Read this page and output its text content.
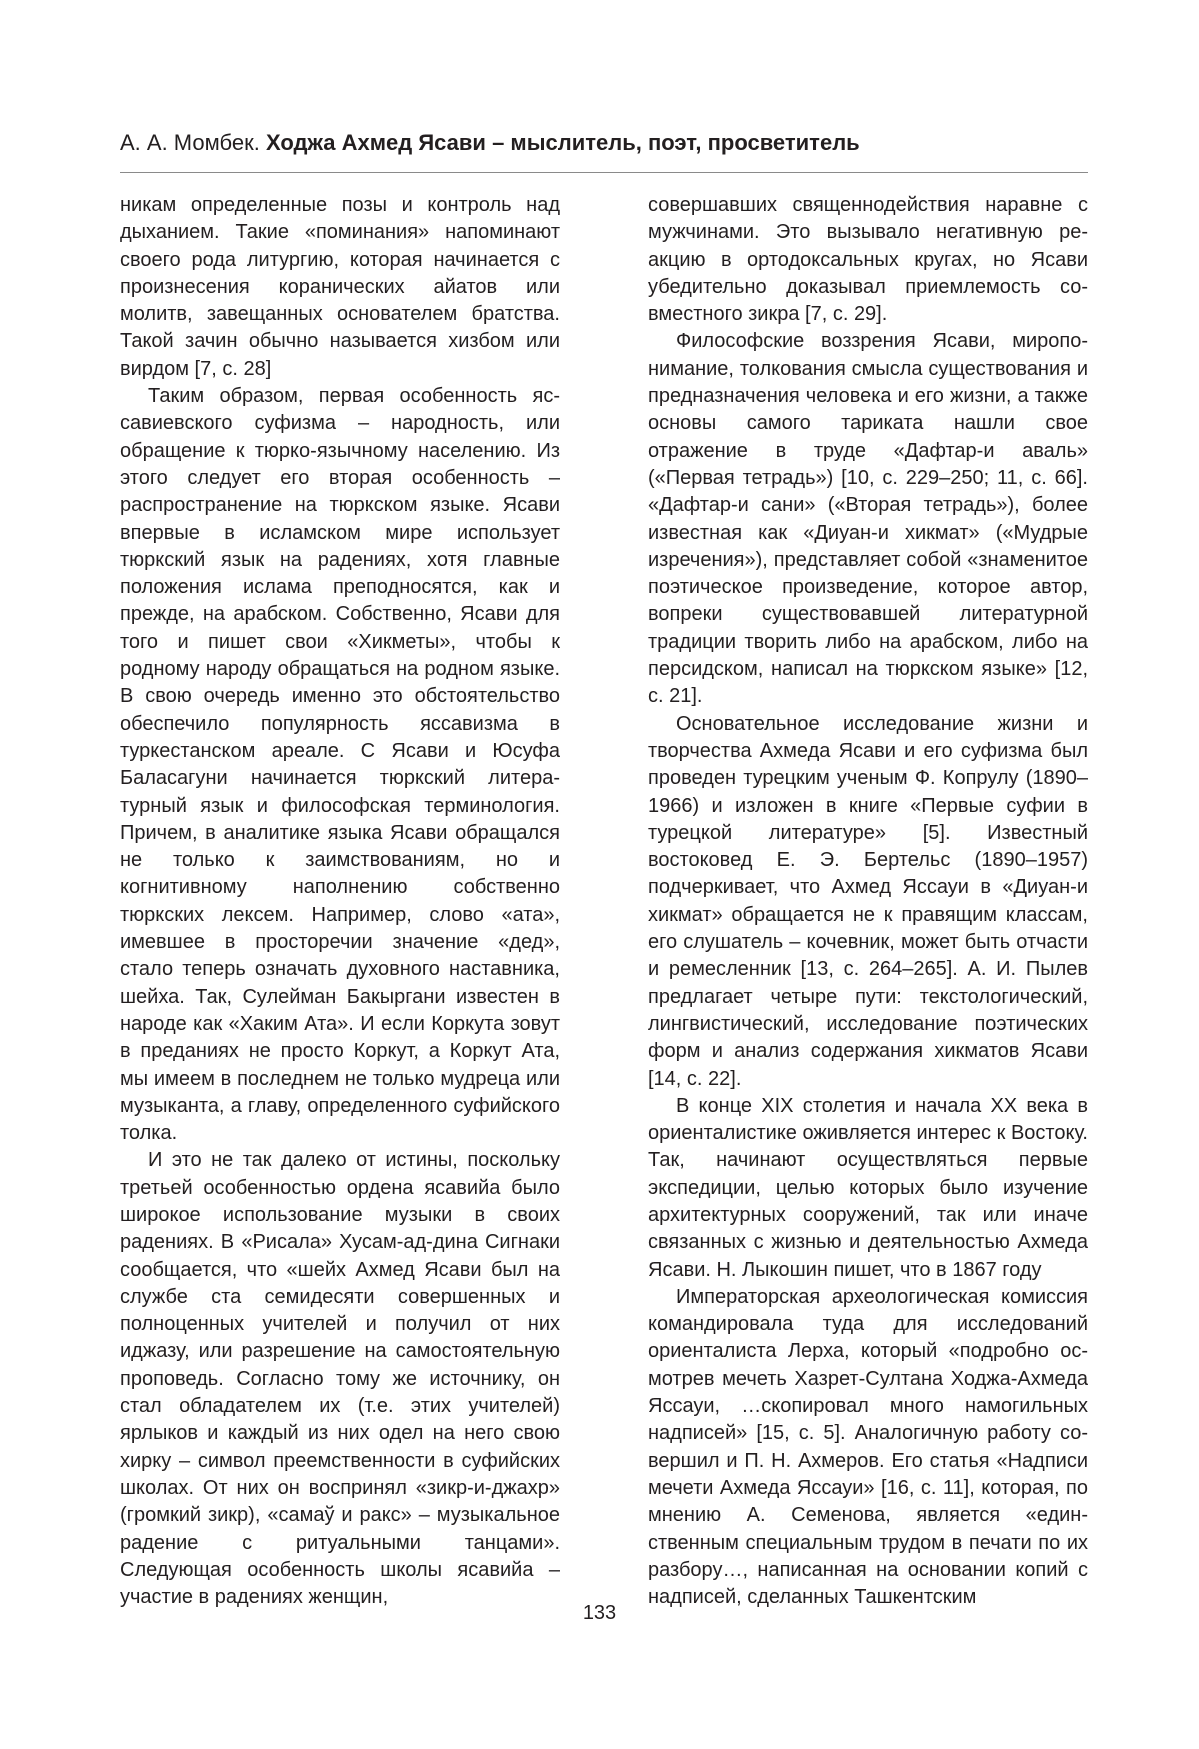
А. А. Момбек. Ходжа Ахмед Ясави – мыслитель, поэт, просветитель

никам определенные позы и контроль над дыханием. Такие «поминания» напоминают своего рода литургию, которая начинается с произнесения коранических айатов или молитв, завещанных основателем братства. Такой зачин обычно называется хизбом или вирдом [7, с. 28]

Таким образом, первая особенность яссавиевского суфизма – народность, или обращение к тюрко-язычному населению. Из этого следует его вторая особенность – распространение на тюркском языке. Ясави впервые в исламском мире использует тюркский язык на радениях, хотя главные положения ислама преподносятся, как и прежде, на арабском. Собственно, Ясави для того и пишет свои «Хикметы», чтобы к родному народу обращаться на родном языке. В свою очередь именно это обстоятельство обеспечило популярность яссавизма в туркестанском ареале. С Ясави и Юсуфа Баласагуни начинается тюркский литературный язык и философская терминология. Причем, в аналитике языка Ясави обращался не только к заимствованиям, но и когнитивному наполнению собственно тюркских лексем. Например, слово «ата», имевшее в просторечии значение «дед», стало теперь означать духовного наставника, шейха. Так, Сулейман Бакыргани известен в народе как «Хаким Ата». И если Коркута зовут в преданиях не просто Коркут, а Коркут Ата, мы имеем в последнем не только мудреца или музыканта, а главу, определенного суфийского толка.

И это не так далеко от истины, поскольку третьей особенностью ордена ясавийа было широкое использование музыки в своих радениях. В «Рисала» Хусам-ад-дина Сигнаки сообщается, что «шейх Ахмед Ясави был на службе ста семидесяти совершенных и полноценных учителей и получил от них иджазу, или разрешение на самостоятельную проповедь. Согласно тому же источнику, он стал обладателем их (т.е. этих учителей) ярлыков и каждый из них одел на него свою хирку – символ преемственности в суфийских школах. От них он воспринял «зикр-и-джахр» (громкий зикр), «самаў и ракс» – музыкальное радение с ритуальными танцами». Следующая особенность школы ясавийа – участие в радениях женщин,

совершавших священнодействия наравне с мужчинами. Это вызывало негативную реакцию в ортодоксальных кругах, но Ясави убедительно доказывал приемлемость совместного зикра [7, с. 29].

Философские воззрения Ясави, миропонимание, толкования смысла существования и предназначения человека и его жизни, а также основы самого тариката нашли свое отражение в труде «Дафтар-и аваль» («Первая тетрадь») [10, с. 229–250; 11, с. 66]. «Дафтар-и сани» («Вторая тетрадь»), более известная как «Диуан-и хикмат» («Мудрые изречения»), представляет собой «знаменитое поэтическое произведение, которое автор, вопреки существовавшей литературной традиции творить либо на арабском, либо на персидском, написал на тюркском языке» [12, с. 21].

Основательное исследование жизни и творчества Ахмеда Ясави и его суфизма был проведен турецким ученым Ф. Копрулу (1890–1966) и изложен в книге «Первые суфии в турецкой литературе» [5]. Известный востоковед Е. Э. Бертельс (1890–1957) подчеркивает, что Ахмед Яссауи в «Диуан-и хикмат» обращается не к правящим классам, его слушатель – кочевник, может быть отчасти и ремесленник [13, с. 264–265]. А. И. Пылев предлагает четыре пути: текстологический, лингвистический, исследование поэтических форм и анализ содержания хикматов Ясави [14, с. 22].

В конце XIX столетия и начала XX века в ориенталистике оживляется интерес к Востоку. Так, начинают осуществляться первые экспедиции, целью которых было изучение архитектурных сооружений, так или иначе связанных с жизнью и деятельностью Ахмеда Ясави. Н. Лыкошин пишет, что в 1867 году

Императорская археологическая комиссия командировала туда для исследований ориенталиста Лерха, который «подробно осмотрев мечеть Хазрет-Султана Ходжа-Ахмеда Яссауи, …скопировал много намогильных надписей» [15, с. 5]. Аналогичную работу совершил и П. Н. Ахмеров. Его статья «Надписи мечети Ахмеда Яссауи» [16, с. 11], которая, по мнению А. Семенова, является «единственным специальным трудом в печати по их разбору…, написанная на основании копий с надписей, сделанных Ташкентским

133
